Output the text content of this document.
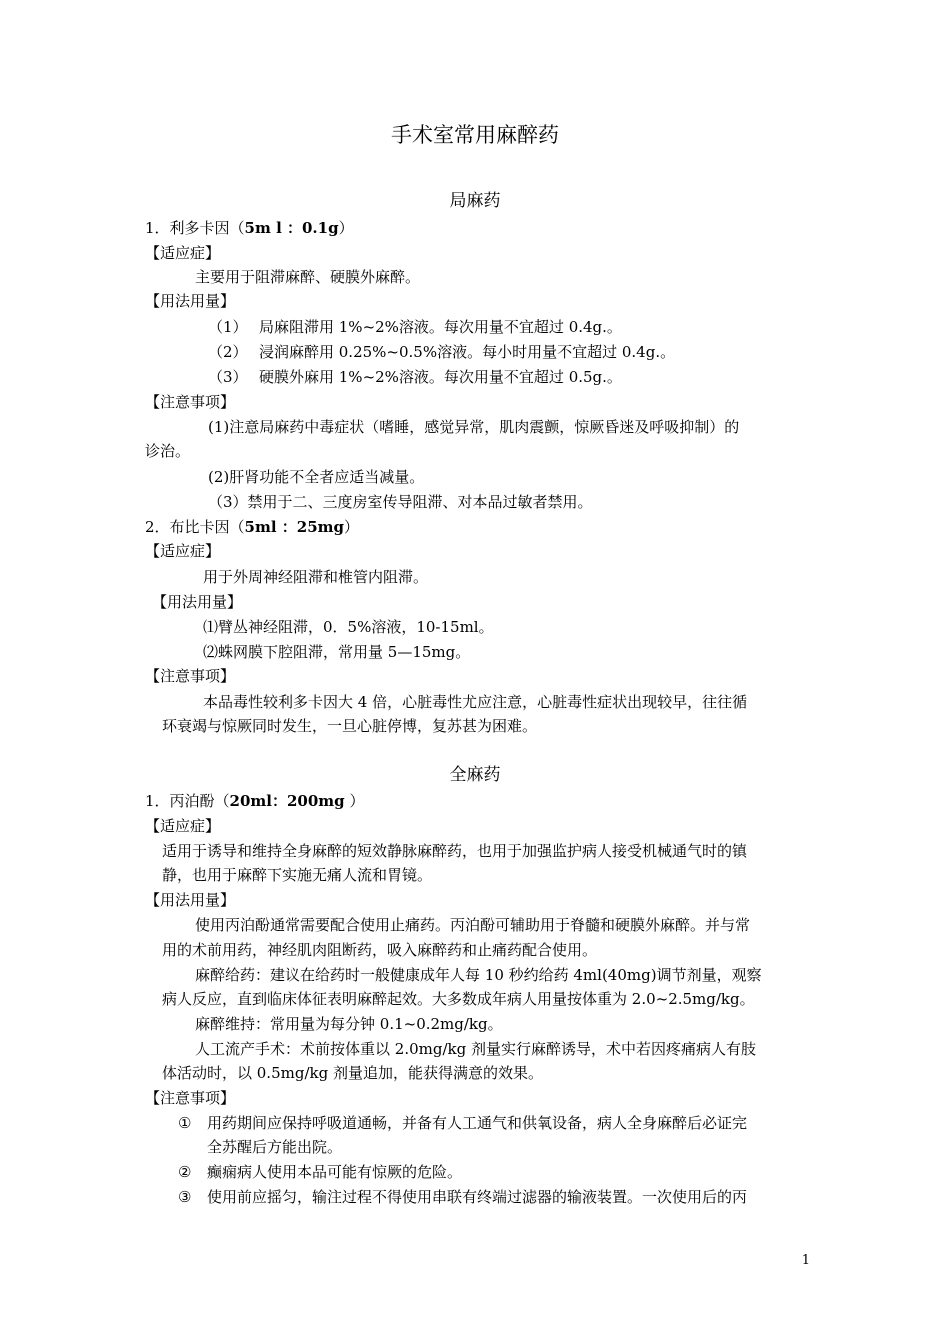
手术室常用麻醉药
局麻药
1．利多卡因（5m l ：0.1g）
【适应症】
主要用于阻滞麻醉、硬膜外麻醉。
【用法用量】
（1） 局麻阻滞用 1%~2%溶液。每次用量不宜超过 0.4g.。
（2） 浸润麻醉用 0.25%~0.5%溶液。每小时用量不宜超过 0.4g.。
（3） 硬膜外麻用 1%~2%溶液。每次用量不宜超过 0.5g.。
【注意事项】
(1)注意局麻药中毒症状（嗜睡，感觉异常，肌肉震颤，惊厥昏迷及呼吸抑制）的
诊治。
(2)肝肾功能不全者应适当减量。
（3）禁用于二、三度房室传导阻滞、对本品过敏者禁用。
2．布比卡因（5ml ：25mg）
【适应症】
用于外周神经阻滞和椎管内阻滞。
【用法用量】
⑴臂丛神经阻滞，0．5%溶液，10-15ml。
⑵蛛网膜下腔阻滞，常用量 5—15mg。
【注意事项】
本品毒性较利多卡因大 4 倍，心脏毒性尤应注意，心脏毒性症状出现较早，往往循
环衰竭与惊厥同时发生，一旦心脏停博，复苏甚为困难。
全麻药
1．丙泊酚（20ml：200mg ）
【适应症】
适用于诱导和维持全身麻醉的短效静脉麻醉药，也用于加强监护病人接受机械通气时的镇
静，也用于麻醉下实施无痛人流和胃镜。
【用法用量】
使用丙泊酚通常需要配合使用止痛药。丙泊酚可辅助用于脊髓和硬膜外麻醉。并与常
用的术前用药，神经肌肉阻断药，吸入麻醉药和止痛药配合使用。
麻醉给药：建议在给药时一般健康成年人每 10 秒约给药 4ml(40mg)调节剂量，观察
病人反应，直到临床体征表明麻醉起效。大多数成年病人用量按体重为 2.0~2.5mg/kg。
麻醉维持：常用量为每分钟 0.1~0.2mg/kg。
人工流产手术：术前按体重以 2.0mg/kg 剂量实行麻醉诱导，术中若因疼痛病人有肢
体活动时，以 0.5mg/kg 剂量追加，能获得满意的效果。
【注意事项】
① 用药期间应保持呼吸道通畅，并备有人工通气和供氧设备，病人全身麻醉后必证完
全苏醒后方能出院。
② 癫痫病人使用本品可能有惊厥的危险。
③ 使用前应摇匀，输注过程不得使用串联有终端过滤器的输液装置。一次使用后的丙
1
